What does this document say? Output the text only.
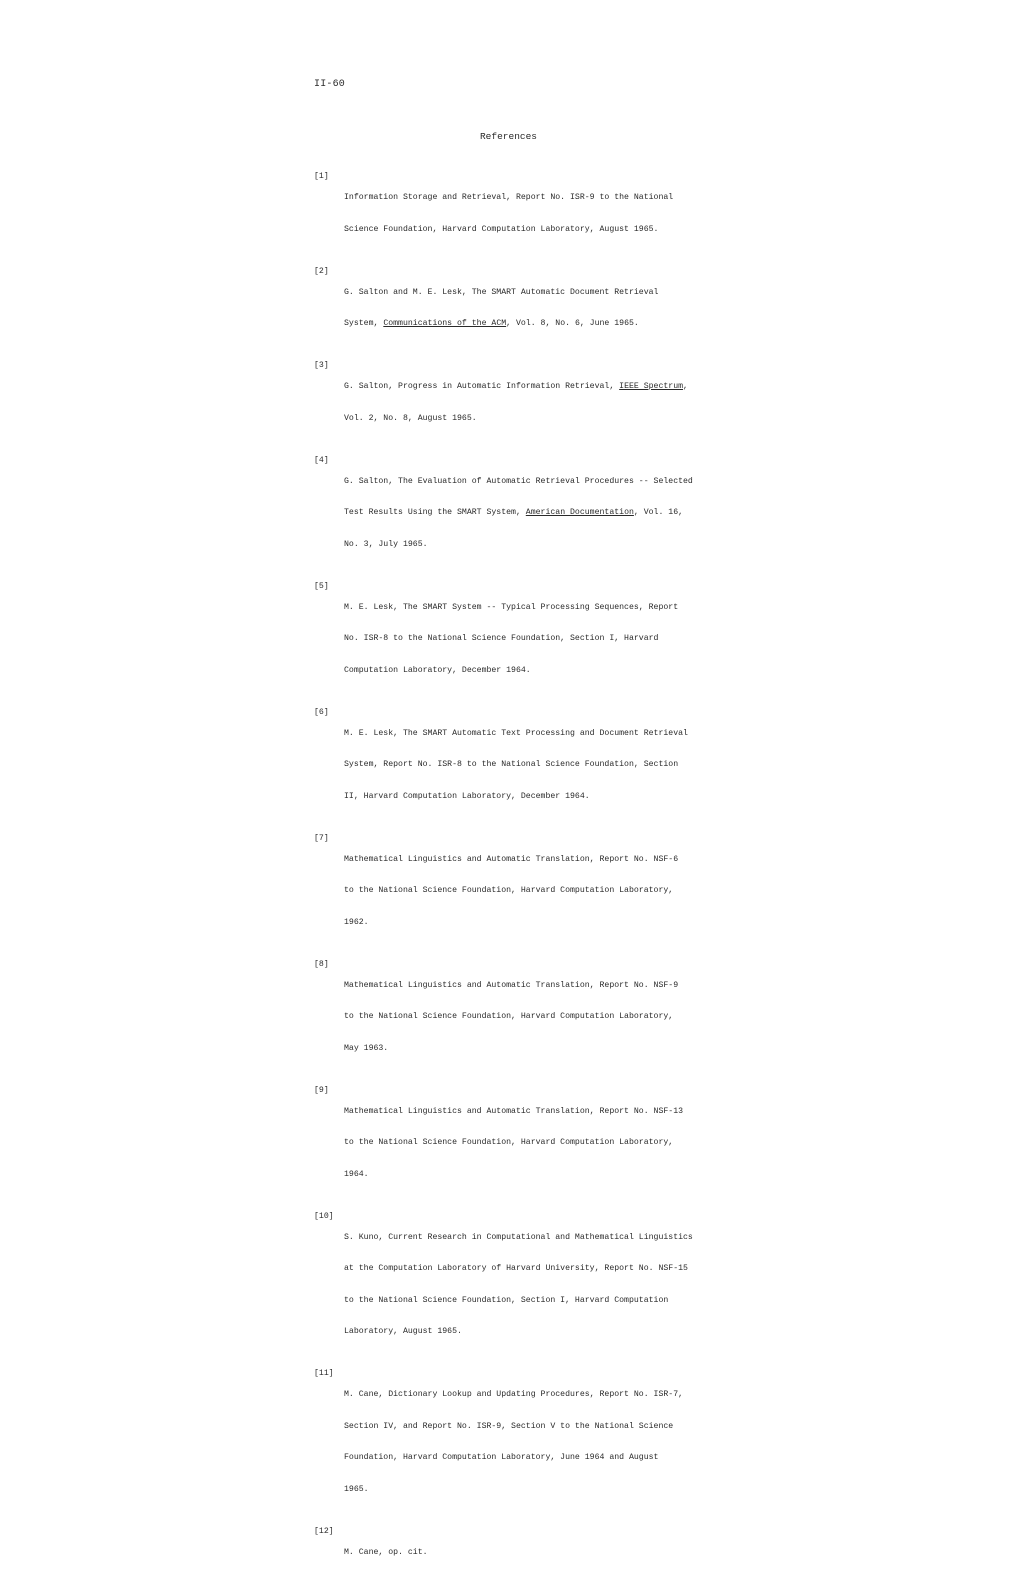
II-60
References
[1]

Information Storage and Retrieval, Report No. ISR-9 to the National

Science Foundation, Harvard Computation Laboratory, August 1965.

[2]

G. Salton and M. E. Lesk, The SMART Automatic Document Retrieval

System, Communications of the ACM, Vol. 8, No. 6, June 1965.

[3]

G. Salton, Progress in Automatic Information Retrieval, IEEE Spectrum,

Vol. 2, No. 8, August 1965.

[4]

G. Salton, The Evaluation of Automatic Retrieval Procedures -- Selected

Test Results Using the SMART System, American Documentation, Vol. 16,

No. 3, July 1965.

[5]

M. E. Lesk, The SMART System -- Typical Processing Sequences, Report

No. ISR-8 to the National Science Foundation, Section I, Harvard

Computation Laboratory, December 1964.

[6]

M. E. Lesk, The SMART Automatic Text Processing and Document Retrieval

System, Report No. ISR-8 to the National Science Foundation, Section

II, Harvard Computation Laboratory, December 1964.

[7]

Mathematical Linguistics and Automatic Translation, Report No. NSF-6

to the National Science Foundation, Harvard Computation Laboratory,

1962.

[8]

Mathematical Linguistics and Automatic Translation, Report No. NSF-9

to the National Science Foundation, Harvard Computation Laboratory,

May 1963.

[9]

Mathematical Linguistics and Automatic Translation, Report No. NSF-13

to the National Science Foundation, Harvard Computation Laboratory,

1964.

[10]

S. Kuno, Current Research in Computational and Mathematical Linguistics

at the Computation Laboratory of Harvard University, Report No. NSF-15

to the National Science Foundation, Section I, Harvard Computation

Laboratory, August 1965.

[11]

M. Cane, Dictionary Lookup and Updating Procedures, Report No. ISR-7,

Section IV, and Report No. ISR-9, Section V to the National Science

Foundation, Harvard Computation Laboratory, June 1964 and August

1965.

[12]

M. Cane, op. cit.
